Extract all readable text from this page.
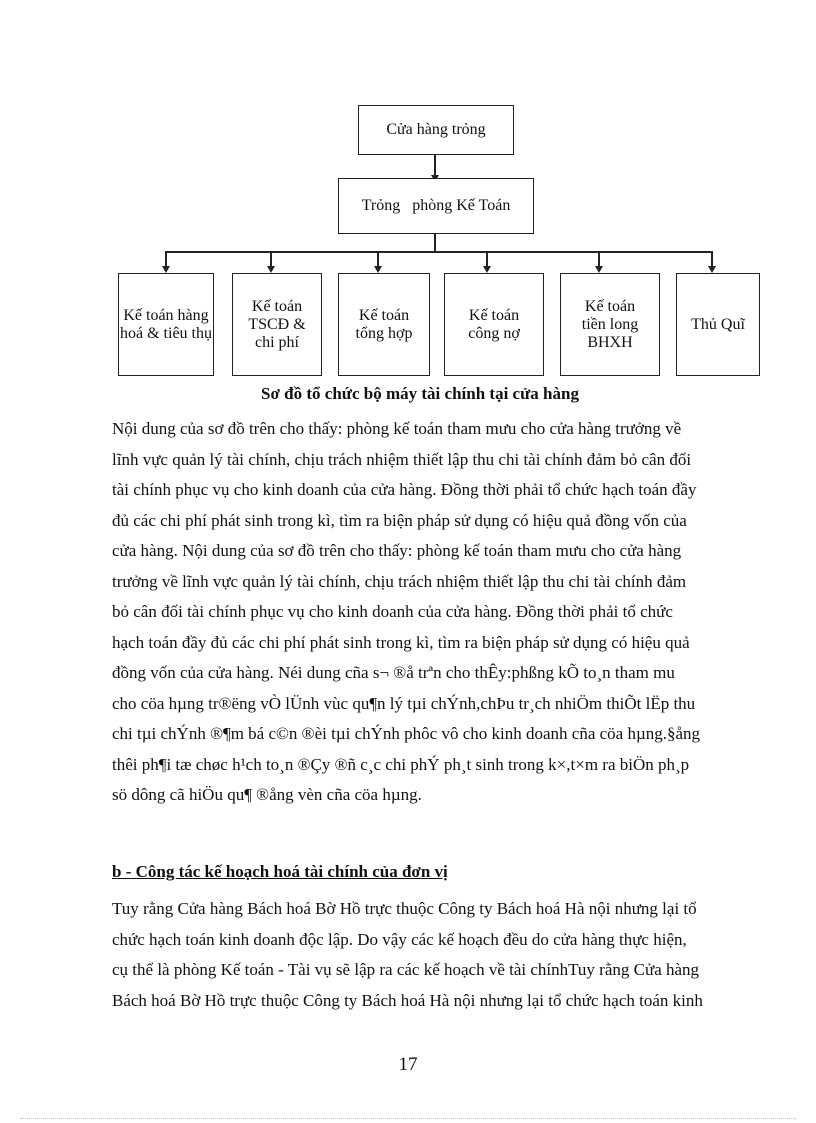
Cửa hàng trỏng
Trỏng   phòng Kế Toán
Kế toán hàng hoá & tiêu thụ
Kế toán TSCĐ & chi phí
Kế toán tổng hợp
Kế toán công nợ
Kế toán tiền long BHXH
Thủ Quĩ
Sơ đồ tổ chức bộ máy tài chính tại cửa hàng

Nội dung của sơ đồ trên cho thấy: phòng kế toán tham mưu cho cửa hàng trưởng về
lĩnh vực quản lý tài chính, chịu trách nhiệm thiết lập thu chi tài chính đảm bỏ cân đối
tài chính phục vụ cho kinh doanh của cửa hàng. Đồng thời phải tổ chức hạch toán đầy
đủ các chi phí phát sinh trong kì, tìm ra biện pháp sử dụng có hiệu quả đồng vốn của
cửa hàng. Nội dung của sơ đồ trên cho thấy: phòng kế toán tham mưu cho cửa hàng
trưởng về lĩnh vực quản lý tài chính, chịu trách nhiệm thiết lập thu chi tài chính đảm
bỏ cân đối tài chính phục vụ cho kinh doanh của cửa hàng. Đồng thời phải tổ chức
hạch toán đầy đủ các chi phí phát sinh trong kì, tìm ra biện pháp sử dụng có hiệu quả
đồng vốn của cửa hàng. Néi dung cña s¬ ®å trªn cho thÊy:phßng kÕ to¸n tham mu
cho cöa hµng tr®ëng vÒ lÜnh vùc qu¶n lý tµi chÝnh,chÞu tr¸ch nhiÖm thiÕt lËp thu
chi tµi chÝnh ®¶m bá c©n ®èi tµi chÝnh phôc vô cho kinh doanh cña cöa hµng.§ång
thêi ph¶i tæ chøc h¹ch to¸n ®Çy ®ñ c¸c chi phÝ ph¸t sinh trong k×,t×m ra biÖn ph¸p
sö dông cã hiÖu qu¶ ®ång vèn cña cöa hµng.

b - Công tác kế hoạch hoá tài chính của đơn vị

Tuy rằng Cửa hàng Bách hoá Bờ Hồ trực thuộc Công ty Bách hoá Hà nội nhưng lại tổ
chức hạch toán kinh doanh độc lập. Do vậy các kế hoạch đều do cửa hàng thực hiện,
cụ thể là phòng Kế toán - Tài vụ sẽ lập ra các kế hoạch về tài chínhTuy rằng Cửa hàng
Bách hoá Bờ Hồ trực thuộc Công ty Bách hoá Hà nội nhưng lại tổ chức hạch toán kinh

17
